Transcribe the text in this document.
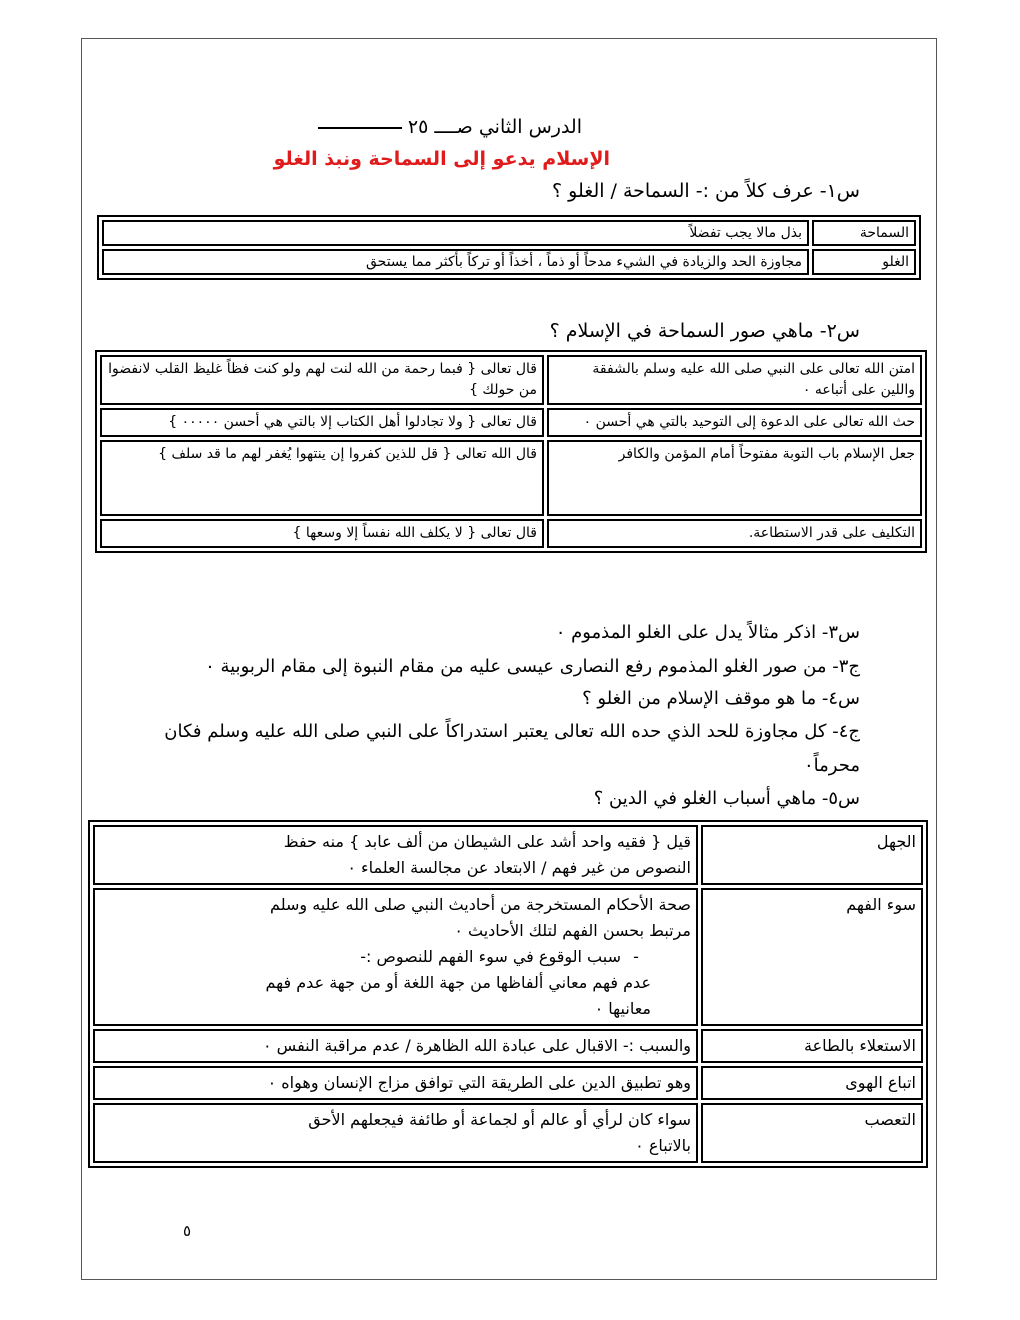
الدرس الثاني صــــ ٢٥
الإسلام يدعو إلى السماحة ونبذ الغلو
س١- عرف كلاً من :- السماحة / الغلو ؟
السماحة	بذل مالا يجب تفضلاً
الغلو	مجاوزة الحد والزيادة في الشيء مدحاً أو ذماً ، أخذاً أو تركاً بأكثر مما يستحق
س٢- ماهي صور السماحة في الإسلام ؟
امتن الله تعالى على النبي صلى الله عليه وسلم بالشفقة واللين على أتباعه ٠	قال تعالى { فبما رحمة من الله لنت لهم ولو كنت فظاً غليظ القلب لانفضوا من حولك }
حث الله تعالى على الدعوة إلى التوحيد بالتي هي أحسن ٠	قال تعالى { ولا تجادلوا أهل الكتاب إلا بالتي هي أحسن ٠٠٠٠٠ }
جعل الإسلام باب التوبة مفتوحاً أمام المؤمن والكافر	قال الله تعالى { قل للذين كفروا إن ينتهوا يُغفر لهم ما قد سلف }
التكليف على قدر الاستطاعة.	قال تعالى { لا يكلف الله نفساً إلا وسعها }
س٣- اذكر مثالاً يدل على الغلو المذموم ٠
ج٣- من صور الغلو المذموم رفع النصارى عيسى عليه من مقام النبوة إلى مقام الربوبية ٠
س٤- ما هو موقف الإسلام من الغلو ؟
ج٤- كل مجاوزة للحد الذي حده الله تعالى يعتبر استدراكاً على النبي صلى الله عليه وسلم فكان
محرماً٠
س٥- ماهي أسباب الغلو في الدين ؟
الجهل	قيل { فقيه واحد أشد على الشيطان من ألف عابد } منه حفظ
النصوص من غير فهم / الابتعاد عن مجالسة العلماء ٠

سوء الفهم	صحة الأحكام المستخرجة من أحاديث النبي صلى الله عليه وسلم
مرتبط بحسن الفهم لتلك الأحاديث ٠
-سبب الوقوع في سوء الفهم للنصوص :-
عدم فهم معاني ألفاظها من جهة اللغة أو من جهة عدم فهم
معانيها ٠

الاستعلاء بالطاعة	والسبب :- الاقبال على عبادة الله الظاهرة / عدم مراقبة النفس ٠

اتباع الهوى	وهو تطبيق الدين على الطريقة التي توافق مزاج الإنسان وهواه ٠

التعصب	سواء كان لرأي أو عالم أو لجماعة أو طائفة فيجعلهم الأحق
بالاتباع ٠
٥
